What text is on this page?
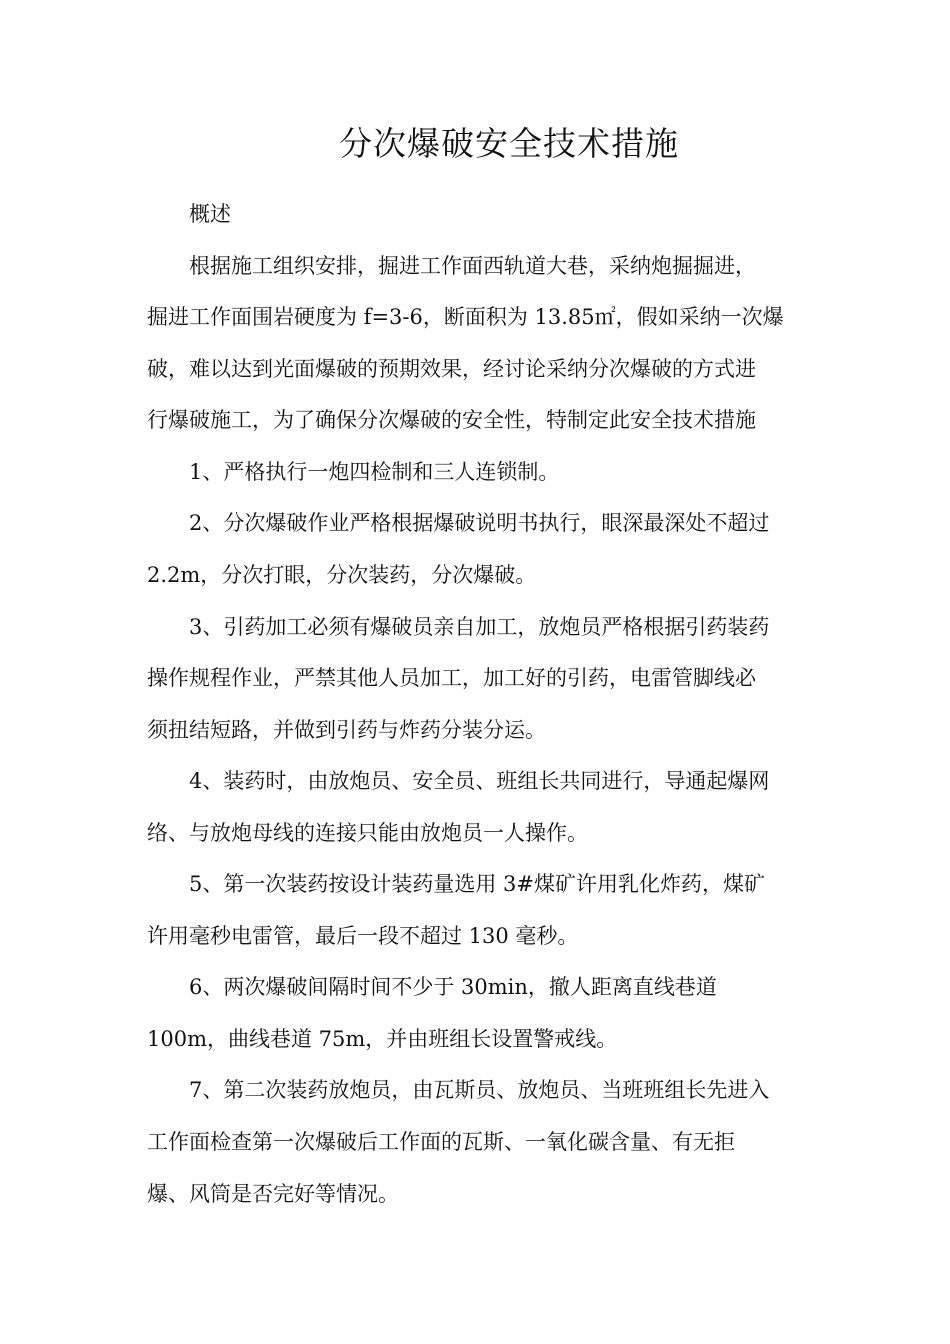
分次爆破安全技术措施
概述
根据施工组织安排，掘进工作面西轨道大巷，采纳炮掘掘进，
掘进工作面围岩硬度为 f=3-6，断面积为 13.85㎡，假如采纳一次爆
破，难以达到光面爆破的预期效果，经讨论采纳分次爆破的方式进
行爆破施工，为了确保分次爆破的安全性，特制定此安全技术措施
1、严格执行一炮四检制和三人连锁制。
2、分次爆破作业严格根据爆破说明书执行，眼深最深处不超过
2.2m，分次打眼，分次装药，分次爆破。
3、引药加工必须有爆破员亲自加工，放炮员严格根据引药装药
操作规程作业，严禁其他人员加工，加工好的引药，电雷管脚线必
须扭结短路，并做到引药与炸药分装分运。
4、装药时，由放炮员、安全员、班组长共同进行，导通起爆网
络、与放炮母线的连接只能由放炮员一人操作。
5、第一次装药按设计装药量选用 3#煤矿许用乳化炸药，煤矿
许用毫秒电雷管，最后一段不超过 130 毫秒。
6、两次爆破间隔时间不少于 30min，撤人距离直线巷道
100m，曲线巷道 75m，并由班组长设置警戒线。
7、第二次装药放炮员，由瓦斯员、放炮员、当班班组长先进入
工作面检查第一次爆破后工作面的瓦斯、一氧化碳含量、有无拒
爆、风筒是否完好等情况。
